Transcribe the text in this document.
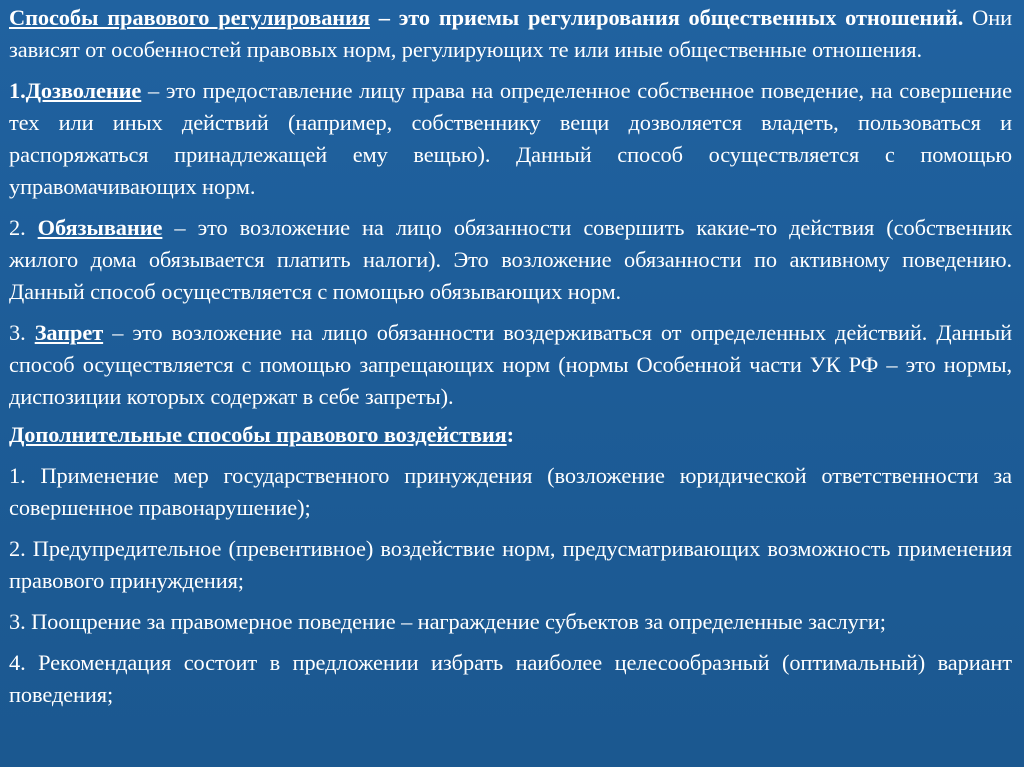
Способы правового регулирования – это приемы регулирования общественных отношений. Они зависят от особенностей правовых норм, регулирующих те или иные общественные отношения.

1.Дозволение – это предоставление лицу права на определенное собственное поведение, на совершение тех или иных действий (например, собственнику вещи дозволяется владеть, пользоваться и распоряжаться принадлежащей ему вещью). Данный способ осуществляется с помощью управомачивающих норм.

2. Обязывание – это возложение на лицо обязанности совершить какие-то действия (собственник жилого дома обязывается платить налоги). Это возложение обязанности по активному поведению. Данный способ осуществляется с помощью обязывающих норм.

3. Запрет – это возложение на лицо обязанности воздерживаться от определенных действий. Данный способ осуществляется с помощью запрещающих норм (нормы Особенной части УК РФ – это нормы, диспозиции которых содержат в себе запреты).

Дополнительные способы правового воздействия:

1. Применение мер государственного принуждения (возложение юридической ответственности за совершенное правонарушение);

2. Предупредительное (превентивное) воздействие норм, предусматривающих возможность применения правового принуждения;

3. Поощрение за правомерное поведение – награждение субъектов за определенные заслуги;

4. Рекомендация состоит в предложении избрать наиболее целесообразный (оптимальный) вариант поведения;
